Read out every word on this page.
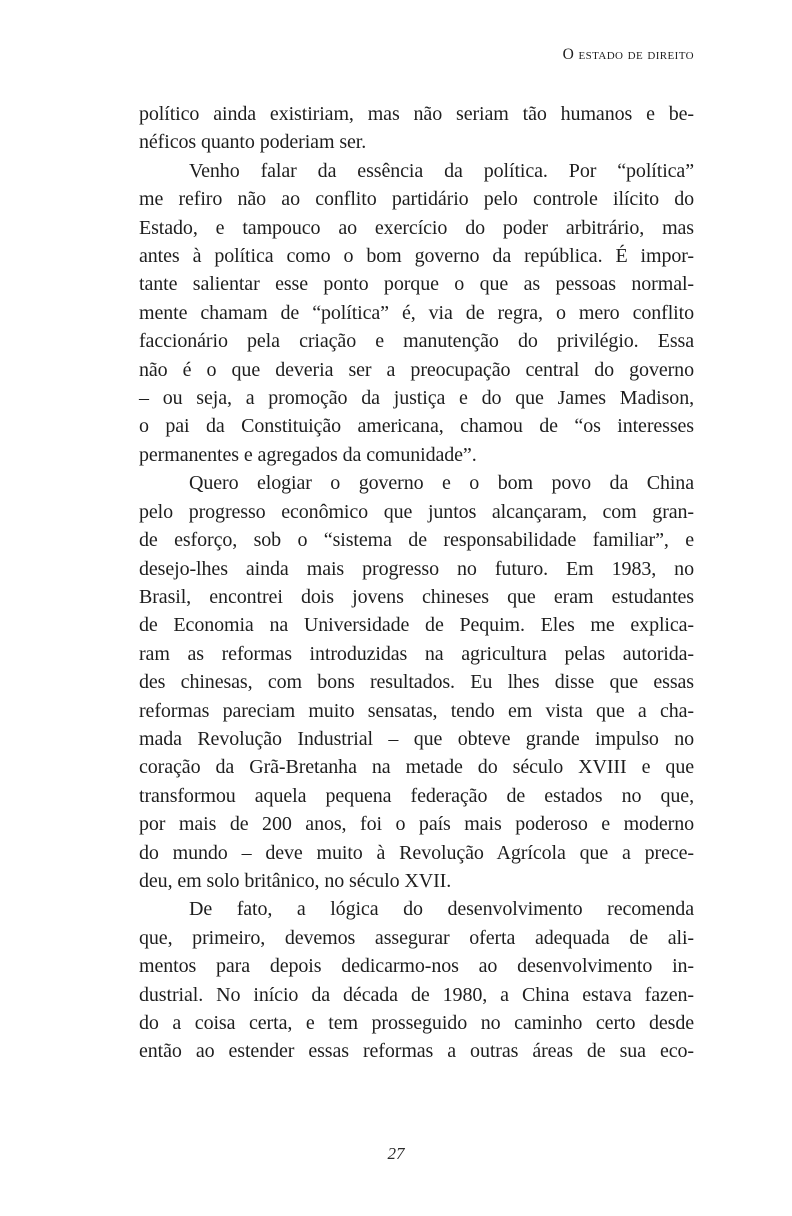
O estado de direito
político ainda existiriam, mas não seriam tão humanos e be-
néficos quanto poderiam ser.
Venho falar da essência da política. Por “política”
me refiro não ao conflito partidário pelo controle ilícito do
Estado, e tampouco ao exercício do poder arbitrário, mas
antes à política como o bom governo da república. É impor-
tante salientar esse ponto porque o que as pessoas normal-
mente chamam de “política” é, via de regra, o mero conflito
faccionário pela criação e manutenção do privilégio. Essa
não é o que deveria ser a preocupação central do governo
– ou seja, a promoção da justiça e do que James Madison,
o pai da Constituição americana, chamou de “os interesses
permanentes e agregados da comunidade”.
Quero elogiar o governo e o bom povo da China
pelo progresso econômico que juntos alcançaram, com gran-
de esforço, sob o “sistema de responsabilidade familiar”, e
desejo-lhes ainda mais progresso no futuro. Em 1983, no
Brasil, encontrei dois jovens chineses que eram estudantes
de Economia na Universidade de Pequim. Eles me explica-
ram as reformas introduzidas na agricultura pelas autorida-
des chinesas, com bons resultados. Eu lhes disse que essas
reformas pareciam muito sensatas, tendo em vista que a cha-
mada Revolução Industrial – que obteve grande impulso no
coração da Grã-Bretanha na metade do século XVIII e que
transformou aquela pequena federação de estados no que,
por mais de 200 anos, foi o país mais poderoso e moderno
do mundo – deve muito à Revolução Agrícola que a prece-
deu, em solo britânico, no século XVII.
De fato, a lógica do desenvolvimento recomenda
que, primeiro, devemos assegurar oferta adequada de ali-
mentos para depois dedicarmo-nos ao desenvolvimento in-
dustrial. No início da década de 1980, a China estava fazen-
do a coisa certa, e tem prosseguido no caminho certo desde
então ao estender essas reformas a outras áreas de sua eco-
27
